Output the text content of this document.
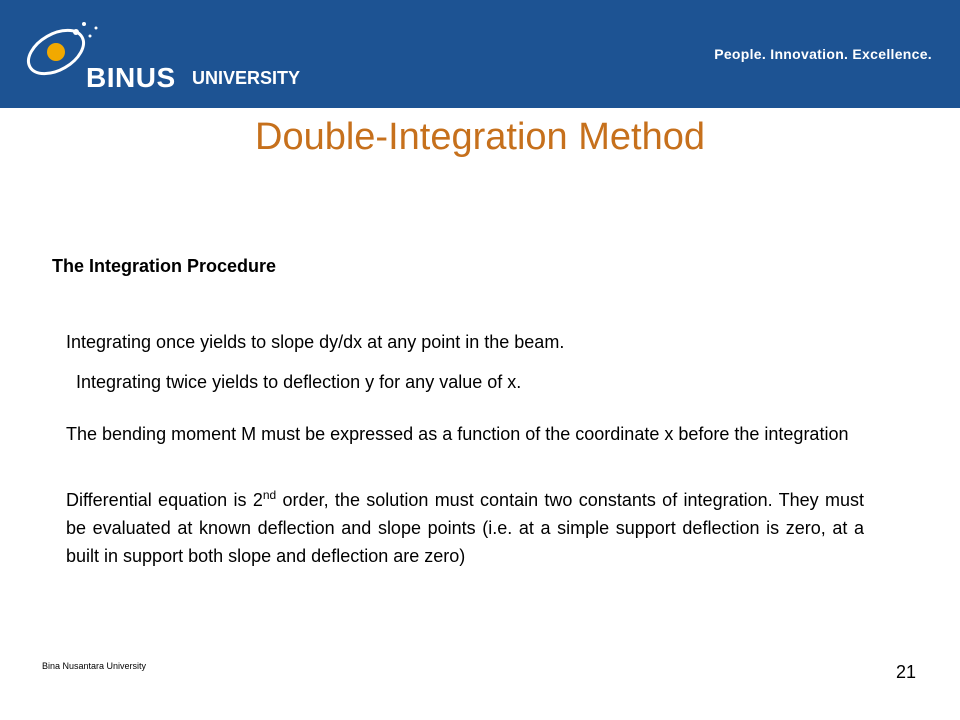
BINUS UNIVERSITY
People. Innovation. Excellence.
Double-Integration Method
The Integration Procedure
Integrating once yields to slope dy/dx at any point in the beam.
Integrating twice yields to deflection y for any value of x.
The bending moment M must be expressed as a function of the coordinate x before the integration
Differential equation is 2nd order, the solution must contain two constants of integration. They must be evaluated at known deflection and slope points (i.e. at a simple support deflection is zero, at a built in support both slope and deflection are zero)
Bina Nusantara University	21
